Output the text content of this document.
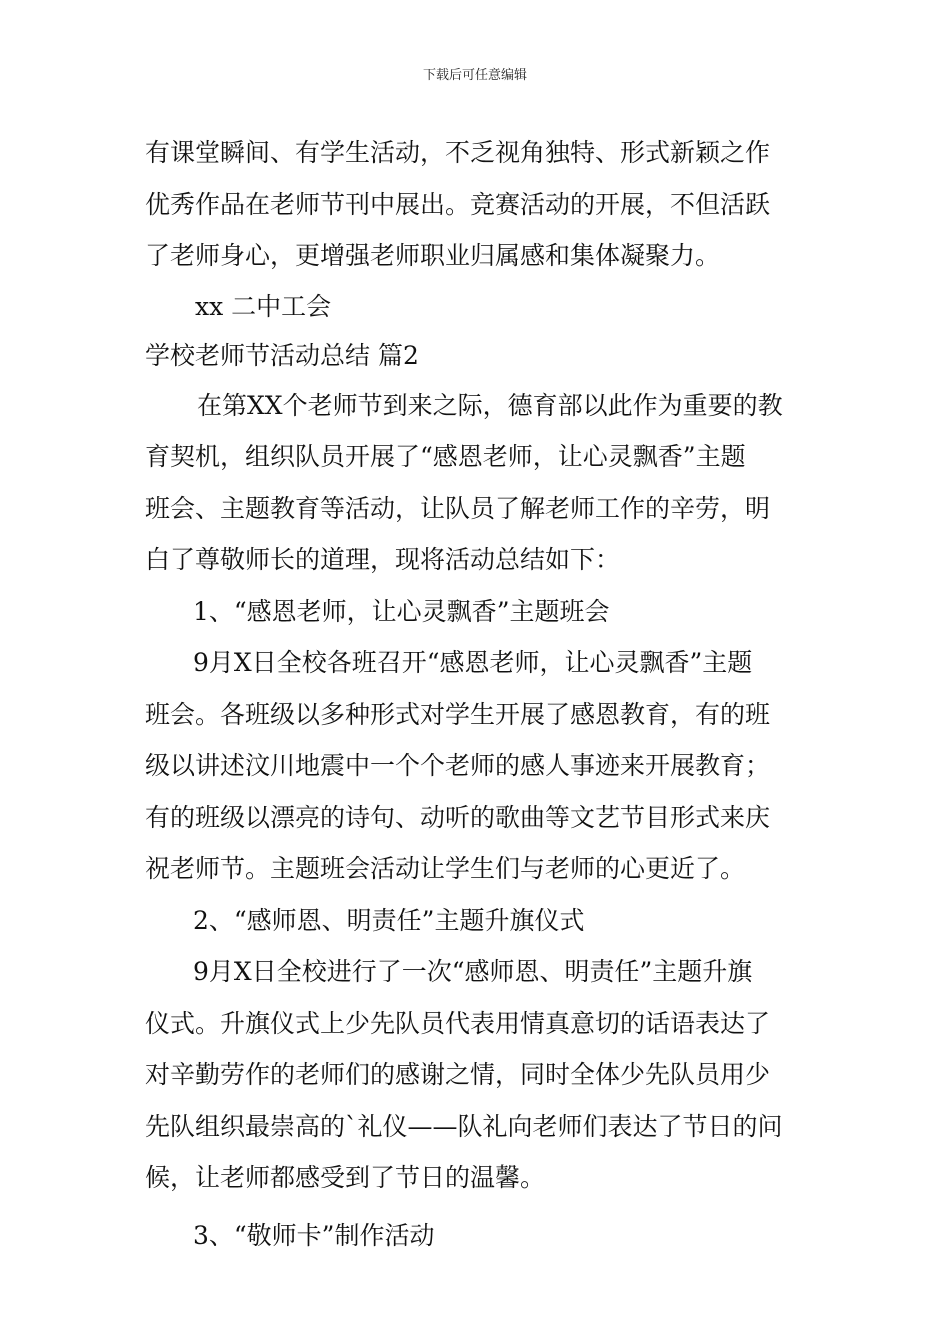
下载后可任意编辑
有课堂瞬间、有学生活动，不乏视角独特、形式新颖之作
优秀作品在老师节刊中展出。竞赛活动的开展，不但活跃
了老师身心，更增强老师职业归属感和集体凝聚力。
xx 二中工会
学校老师节活动总结 篇2
在第XX个老师节到来之际，德育部以此作为重要的教
育契机，组织队员开展了“感恩老师，让心灵飘香”主题
班会、主题教育等活动，让队员了解老师工作的辛劳，明
白了尊敬师长的道理，现将活动总结如下：
1、“感恩老师，让心灵飘香”主题班会
9月X日全校各班召开“感恩老师，让心灵飘香”主题
班会。各班级以多种形式对学生开展了感恩教育，有的班
级以讲述汶川地震中一个个老师的感人事迹来开展教育；
有的班级以漂亮的诗句、动听的歌曲等文艺节目形式来庆
祝老师节。主题班会活动让学生们与老师的心更近了。
2、“感师恩、明责任”主题升旗仪式
9月X日全校进行了一次“感师恩、明责任”主题升旗
仪式。升旗仪式上少先队员代表用情真意切的话语表达了
对辛勤劳作的老师们的感谢之情，同时全体少先队员用少
先队组织最崇高的`礼仪——队礼向老师们表达了节日的问
候，让老师都感受到了节日的温馨。
3、“敬师卡”制作活动
